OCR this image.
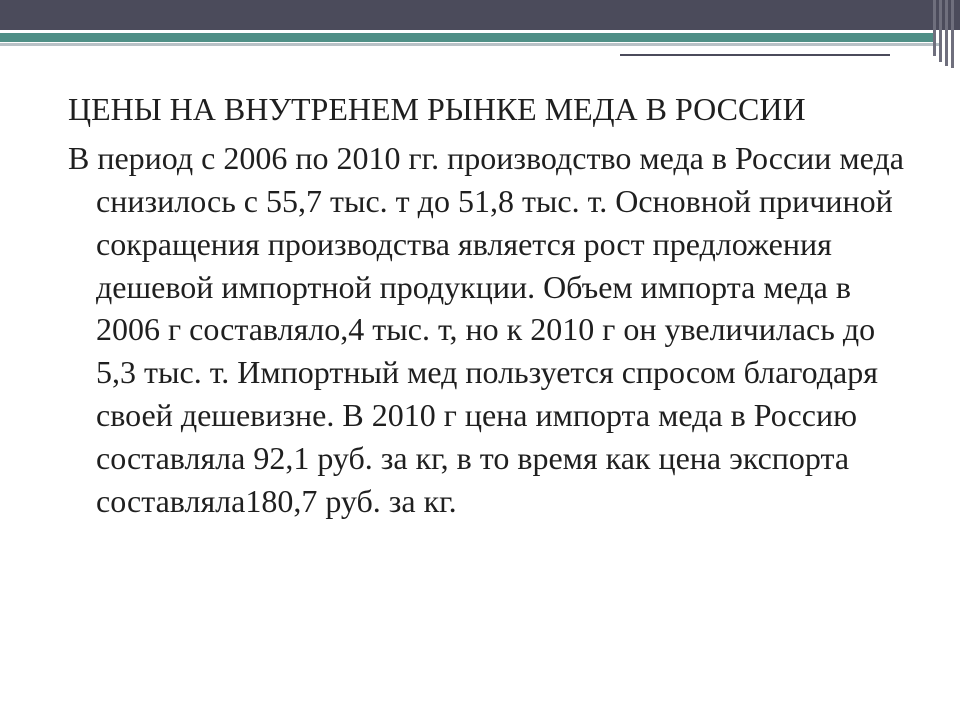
ЦЕНЫ НА ВНУТРЕНЕМ РЫНКЕ МЕДА В РОССИИ

В период с 2006 по 2010 гг. производство меда в России меда снизилось с 55,7 тыс. т до 51,8 тыс. т. Основной причиной сокращения производства является рост предложения дешевой импортной продукции. Объем импорта меда в 2006 г составляло,4 тыс. т, но к 2010 г он увеличилась до 5,3 тыс. т. Импортный мед пользуется спросом благодаря своей дешевизне. В 2010 г цена импорта меда в Россию составляла 92,1 руб. за кг, в то время как цена экспорта составляла180,7 руб. за кг.
